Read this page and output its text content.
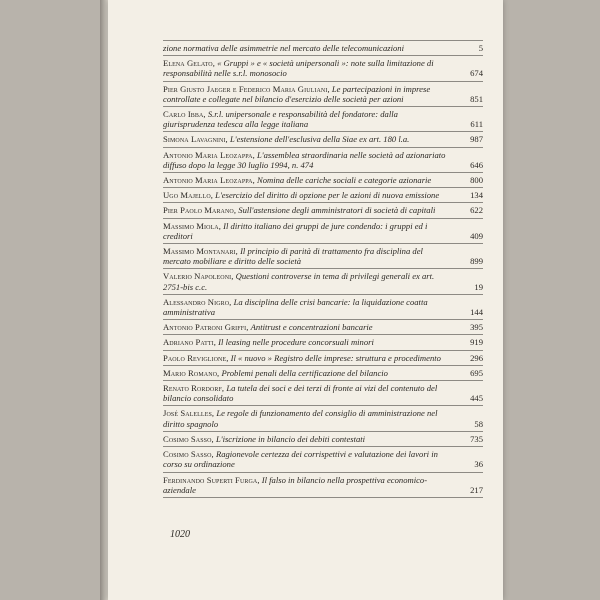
zione normativa delle asimmetrie nel mercato delle telecomunicazioni	5
Elena Gelato, « Gruppi » e « società unipersonali »: note sulla limitazione di responsabilità nelle s.r.l. monosocio	674
Pier Giusto Jaeger e Federico Maria Giuliani, Le partecipazioni in imprese controllate e collegate nel bilancio d'esercizio delle società per azioni	851
Carlo Ibba, S.r.l. unipersonale e responsabilità del fondatore: dalla giurisprudenza tedesca alla legge italiana	611
Simona Lavagnini, L'estensione dell'esclusiva della Siae ex art. 180 l.a.	987
Antonio Maria Leozappa, L'assemblea straordinaria nelle società ad azionariato diffuso dopo la legge 30 luglio 1994, n. 474	646
Antonio Maria Leozappa, Nomina delle cariche sociali e categorie azionarie	800
Ugo Majello, L'esercizio del diritto di opzione per le azioni di nuova emissione	134
Pier Paolo Marano, Sull'astensione degli amministratori di società di capitali	622
Massimo Miola, Il diritto italiano dei gruppi de jure condendo: i gruppi ed i creditori	409
Massimo Montanari, Il principio di parità di trattamento fra disciplina del mercato mobiliare e diritto delle società	899
Valerio Napoleoni, Questioni controverse in tema di privilegi generali ex art. 2751-bis c.c.	19
Alessandro Nigro, La disciplina delle crisi bancarie: la liquidazione coatta amministrativa	144
Antonio Patroni Griffi, Antitrust e concentrazioni bancarie	395
Adriano Patti, Il leasing nelle procedure concorsuali minori	919
Paolo Reviglione, Il « nuovo » Registro delle imprese: struttura e procedimento	296
Mario Romano, Problemi penali della certificazione del bilancio	695
Renato Rordorf, La tutela dei soci e dei terzi di fronte ai vizi del contenuto del bilancio consolidato	445
José Salelles, Le regole di funzionamento del consiglio di amministrazione nel diritto spagnolo	58
Cosimo Sasso, L'iscrizione in bilancio dei debiti contestati	735
Cosimo Sasso, Ragionevole certezza dei corrispettivi e valutazione dei lavori in corso su ordinazione	36
Ferdinando Superti Furga, Il falso in bilancio nella prospettiva economico-aziendale	217
1020
